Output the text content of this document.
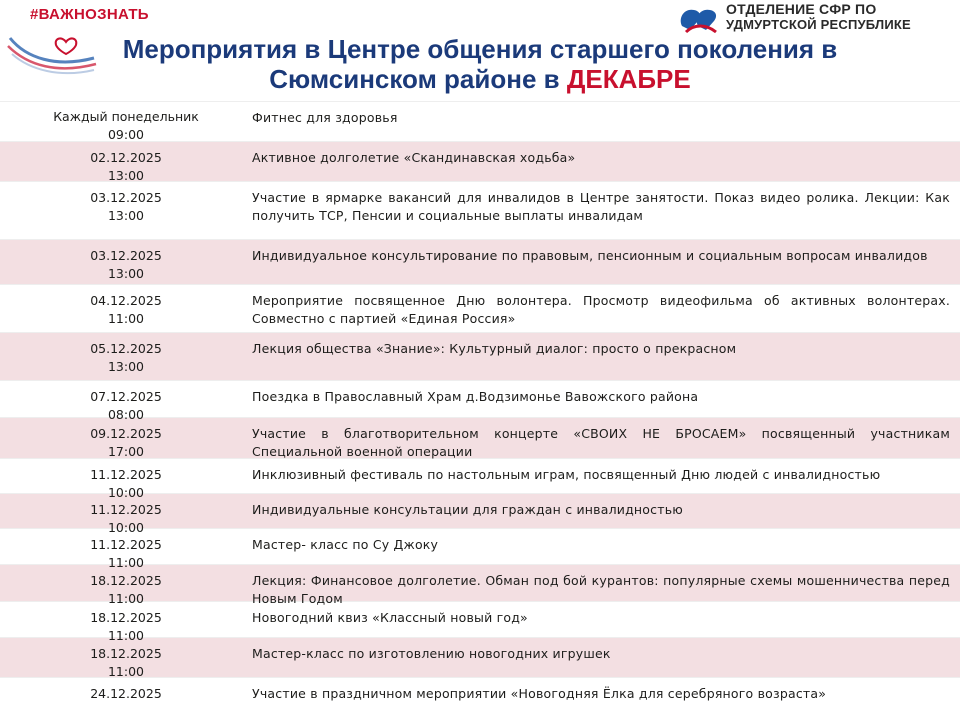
#ВАЖНОЗНАТЬ	ОТДЕЛЕНИЕ СФР ПО
УДМУРТСКОЙ РЕСПУБЛИКЕ
Мероприятия в Центре общения старшего поколения в
Сюмсинском районе в ДЕКАБРЕ
Каждый понедельник
09:00
Фитнес для здоровья
02.12.2025
13:00
Активное долголетие «Скандинавская ходьба»
03.12.2025
13:00
Участие в ярмарке вакансий для инвалидов в Центре занятости. Показ видео ролика. Лекции: Как получить ТСР, Пенсии и социальные выплаты инвалидам
03.12.2025
13:00
Индивидуальное консультирование по правовым, пенсионным и социальным вопросам инвалидов
04.12.2025
11:00
Мероприятие посвященное Дню волонтера. Просмотр видеофильма об активных волонтерах. Совместно с партией «Единая Россия»
05.12.2025
13:00
Лекция общества «Знание»: Культурный диалог: просто о прекрасном
07.12.2025
08:00
Поездка в Православный Храм д.Водзимонье Вавожского района
09.12.2025
17:00
Участие в благотворительном концерте «СВОИХ НЕ БРОСАЕМ» посвященный участникам Специальной военной операции
11.12.2025
10:00
Инклюзивный фестиваль по настольным играм, посвященный Дню людей с инвалидностью
11.12.2025
10:00
Индивидуальные консультации для граждан с инвалидностью
11.12.2025
11:00
Мастер- класс по Су Джоку
18.12.2025
11:00
Лекция: Финансовое долголетие. Обман под бой курантов: популярные схемы мошенничества перед Новым Годом
18.12.2025
11:00
Новогодний квиз «Классный новый год»
18.12.2025
11:00
Мастер-класс по изготовлению новогодних игрушек
24.12.2025	Участие в праздничном мероприятии «Новогодняя Ёлка для серебряного возраста»
